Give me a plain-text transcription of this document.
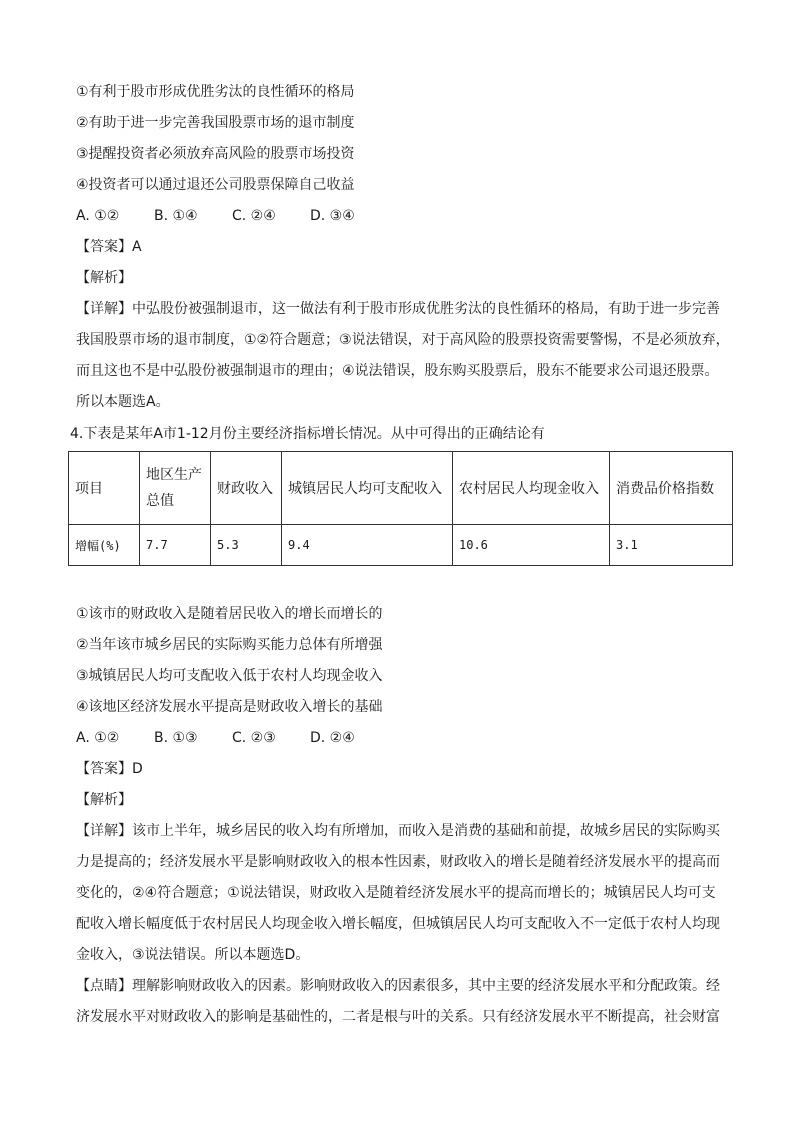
①有利于股市形成优胜劣汰的良性循环的格局
②有助于进一步完善我国股票市场的退市制度
③提醒投资者必须放弃高风险的股票市场投资
④投资者可以通过退还公司股票保障自己收益
A. ①② B. ①④ C. ②④ D. ③④
【答案】A
【解析】
【详解】中弘股份被强制退市，这一做法有利于股市形成优胜劣汰的良性循环的格局，有助于进一步完善
我国股票市场的退市制度，①②符合题意；③说法错误，对于高风险的股票投资需要警惕，不是必须放弃，
而且这也不是中弘股份被强制退市的理由；④说法错误，股东购买股票后，股东不能要求公司退还股票。
所以本题选A。
4.下表是某年A市1-12月份主要经济指标增长情况。从中可得出的正确结论有
项目	地区生产总值	财政收入	城镇居民人均可支配收入	农村居民人均现金收入	消费品价格指数
增幅(%)	7.7	5.3	9.4	10.6	3.1
①该市的财政收入是随着居民收入的增长而增长的
②当年该市城乡居民的实际购买能力总体有所增强
③城镇居民人均可支配收入低于农村人均现金收入
④该地区经济发展水平提高是财政收入增长的基础
A. ①② B. ①③ C. ②③ D. ②④
【答案】D
【解析】
【详解】该市上半年，城乡居民的收入均有所增加，而收入是消费的基础和前提，故城乡居民的实际购买
力是提高的；经济发展水平是影响财政收入的根本性因素，财政收入的增长是随着经济发展水平的提高而
变化的，②④符合题意；①说法错误，财政收入是随着经济发展水平的提高而增长的；城镇居民人均可支
配收入增长幅度低于农村居民人均现金收入增长幅度，但城镇居民人均可支配收入不一定低于农村人均现
金收入，③说法错误。所以本题选D。
【点睛】理解影响财政收入的因素。影响财政收入的因素很多，其中主要的经济发展水平和分配政策。经
济发展水平对财政收入的影响是基础性的，二者是根与叶的关系。只有经济发展水平不断提高，社会财富
